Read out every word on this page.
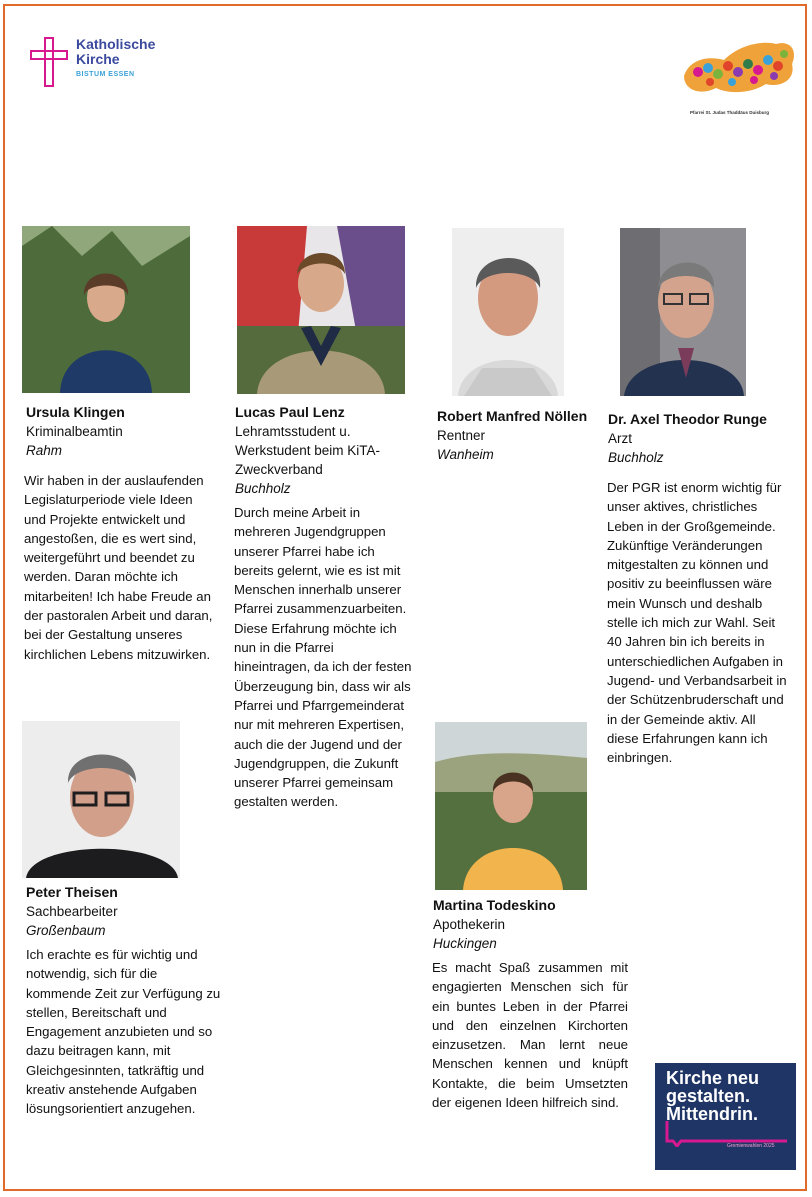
Katholische
Kirche
BISTUM ESSEN
Pfarrei St. Judas Thaddäus Duisburg
Ursula Klingen
Kriminalbeamtin
Rahm
Wir haben in der auslaufenden Legislaturperiode viele Ideen und Projekte entwickelt und angestoßen, die es wert sind, weitergeführt und beendet zu werden. Daran möchte ich mitarbeiten! Ich habe Freude an der pastoralen Arbeit und daran, bei der Gestaltung unseres kirchlichen Lebens mitzuwirken.
Lucas Paul Lenz
Lehramtsstudent u. Werkstudent beim KiTA-Zweckverband
Buchholz
Durch meine Arbeit in mehreren Jugendgruppen unserer Pfarrei habe ich bereits gelernt, wie es ist mit Menschen innerhalb unserer Pfarrei zusammenzuarbeiten. Diese Erfahrung möchte ich nun in die Pfarrei hineintragen, da ich der festen Überzeugung bin, dass wir als Pfarrei und Pfarrgemeinderat nur mit mehreren Expertisen, auch die der Jugend und der Jugendgruppen, die Zukunft unserer Pfarrei gemeinsam gestalten werden.
Robert Manfred Nöllen
Rentner
Wanheim
Dr. Axel Theodor Runge
Arzt
Buchholz
Der PGR ist enorm wichtig für unser aktives, christliches Leben in der Großgemeinde. Zukünftige Veränderungen mitgestalten zu können und positiv zu beeinflussen wäre mein Wunsch und deshalb stelle ich mich zur Wahl. Seit 40 Jahren bin ich bereits in unterschiedlichen Aufgaben in Jugend- und Verbandsarbeit in der Schützenbruderschaft und in der Gemeinde aktiv. All diese Erfahrungen kann ich einbringen.
Peter Theisen
Sachbearbeiter
Großenbaum
Ich erachte es für wichtig und notwendig, sich für die kommende Zeit zur Verfügung zu stellen, Bereitschaft und Engagement anzubieten und so dazu beitragen kann, mit Gleichgesinnten, tatkräftig und kreativ anstehende Aufgaben lösungsorientiert anzugehen.
Martina Todeskino
Apothekerin
Huckingen
Es macht Spaß zusammen mit engagierten Menschen sich für ein buntes Leben in der Pfarrei und den einzelnen Kirchorten einzusetzen. Man lernt neue Menschen kennen und knüpft Kontakte, die beim Umsetzten der eigenen Ideen hilfreich sind.
Kirche neu
gestalten.
Mittendrin.
Gremienwahlen 2025
